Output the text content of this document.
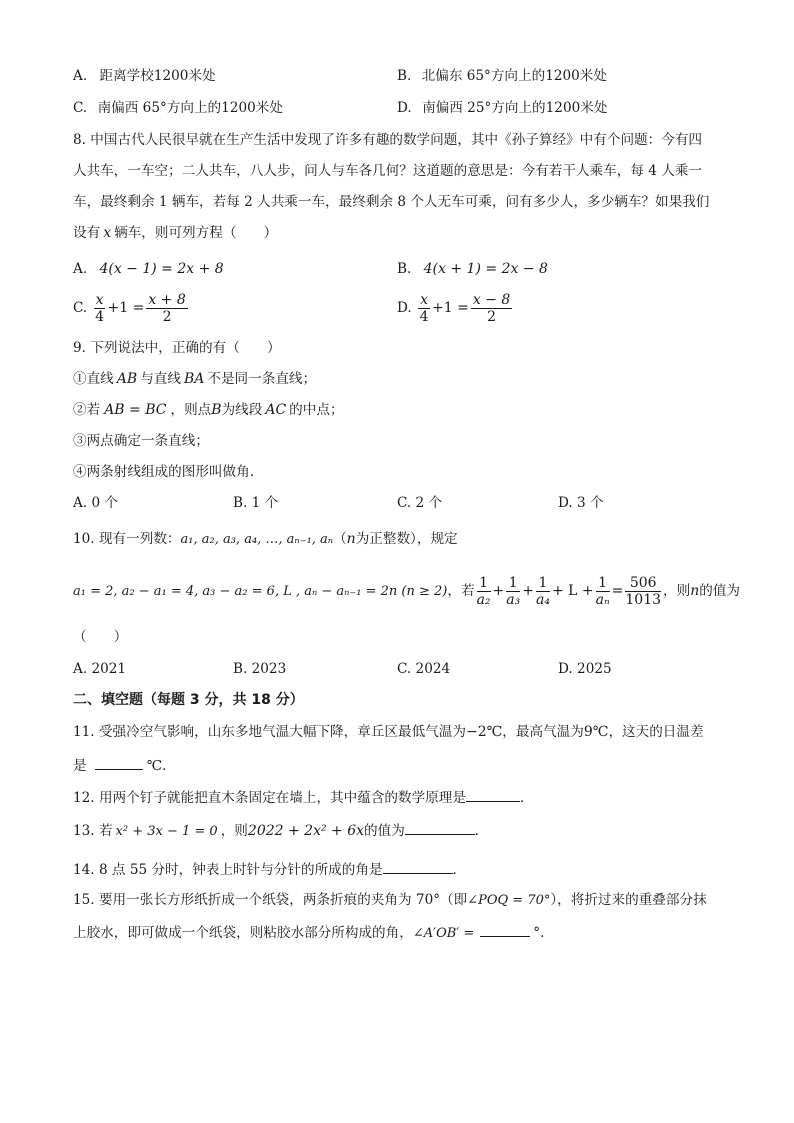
A. 距离学校1200米处	B. 北偏东 65°方向上的1200米处
C. 南偏西 65°方向上的1200米处	D. 南偏西 25°方向上的1200米处
8. 中国古代人民很早就在生产生活中发现了许多有趣的数学问题，其中《孙子算经》中有个问题：今有四
人共车，一车空；二人共车，八人步，问人与车各几何？这道题的意思是：今有若干人乘车，每 4 人乘一
车，最终剩余 1 辆车，若每 2 人共乘一车，最终剩余 8 个人无车可乘，问有多少人，多少辆车？如果我们
设有 x 辆车，则可列方程（　　）
A. 4(x − 1) = 2x + 8	B. 4(x + 1) = 2x − 8
C. $\frac{x}{4} +1 = \frac{x + 8}{2}$	D. $\frac{x}{4} +1 = \frac{x - 8}{2}$
9. 下列说法中，正确的有（　　）
①直线 AB 与直线 BA 不是同一条直线；
②若 AB = BC ，则点B为线段 AC 的中点；
③两点确定一条直线；
④两条射线组成的图形叫做角．
A. 0 个	B. 1 个	C. 2 个	D. 3 个
10. 现有一列数：a₁, a₂, a₃, a₄, …, aₙ₋₁, aₙ（n为正整数），规定
a₁ = 2, a₂ − a₁ = 4, a₃ − a₂ = 6, L , aₙ − aₙ₋₁ = 2n (n ≥ 2)，若 $\frac{1}{\text{a₂}} + \frac{1}{\text{a₃}} + \frac{1}{\text{a₄}} + L + \frac{1}{\text{aₙ}} = \frac{506}{1013}$ ，则n的值为
（　　）
A. 2021	B. 2023	C. 2024	D. 2025
二、填空题（每题 3 分，共 18 分）
11. 受强冷空气影响，山东多地气温大幅下降，章丘区最低气温为−2℃，最高气温为9℃，这天的日温差
是	℃.
12. 用两个钉子就能把直木条固定在墙上，其中蕴含的数学原理是	．
13. 若 x² + 3x − 1 = 0 ，则2022 + 2x² + 6x的值为	．
14. 8 点 55 分时，钟表上时针与分针的所成的角是	．
15. 要用一张长方形纸折成一个纸袋，两条折痕的夹角为 70°（即∠POQ = 70°），将折过来的重叠部分抹
上胶水，即可做成一个纸袋，则粘胶水部分所构成的角，∠A′OB′ =	°.
